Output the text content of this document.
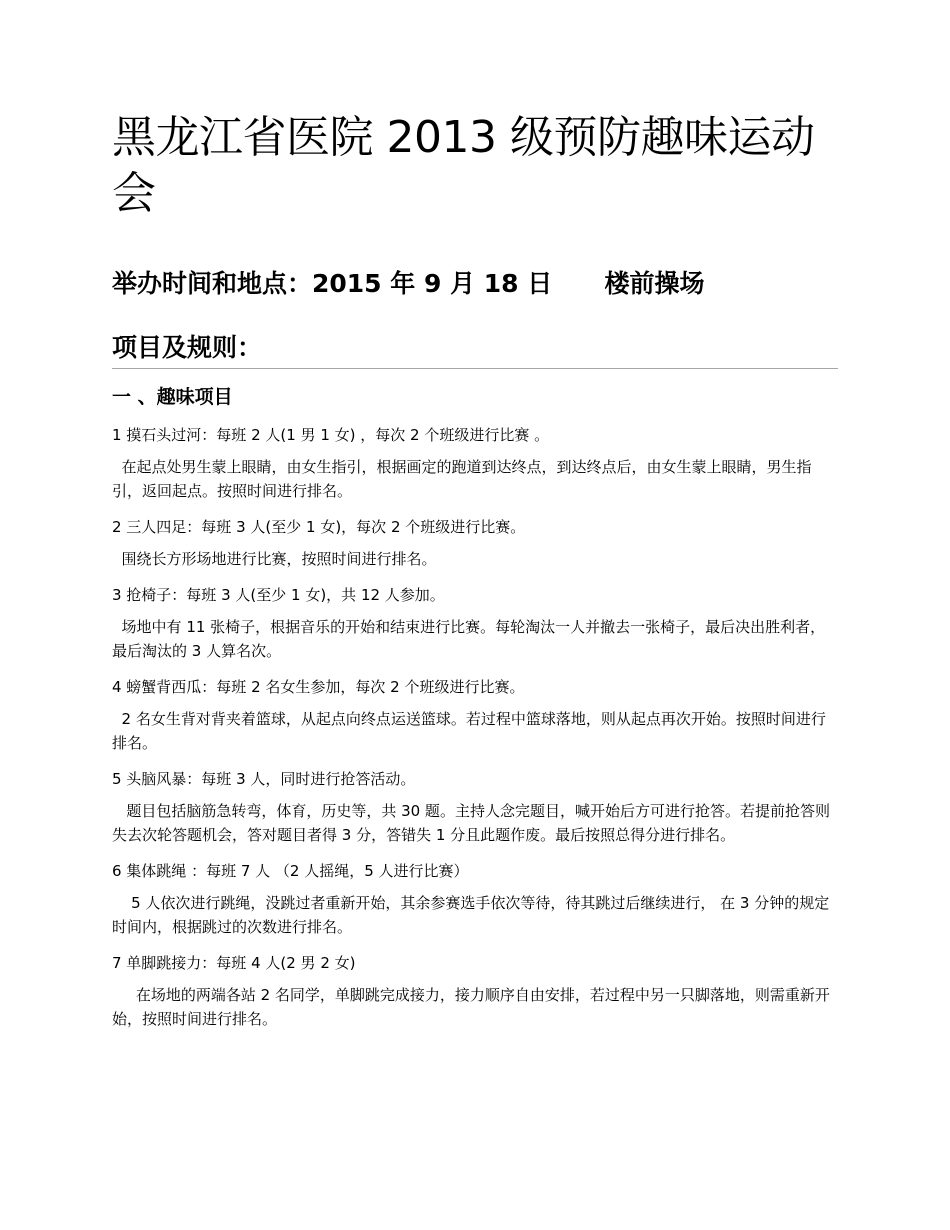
黑龙江省医院 2013 级预防趣味运动会

举办时间和地点：2015 年 9 月 18 日      楼前操场

项目及规则：

一 、趣味项目

1 摸石头过河：每班 2 人(1 男 1 女) ，每次 2 个班级进行比赛 。

在起点处男生蒙上眼睛，由女生指引，根据画定的跑道到达终点，到达终点后，由女生蒙上眼睛，男生指引，返回起点。按照时间进行排名。

2 三人四足：每班 3 人(至少 1 女)，每次 2 个班级进行比赛。

围绕长方形场地进行比赛，按照时间进行排名。

3 抢椅子：每班 3 人(至少 1 女)，共 12 人参加。

场地中有 11 张椅子，根据音乐的开始和结束进行比赛。每轮淘汰一人并撤去一张椅子，最后决出胜利者，最后淘汰的 3 人算名次。

4 螃蟹背西瓜：每班 2 名女生参加，每次 2 个班级进行比赛。

2 名女生背对背夹着篮球，从起点向终点运送篮球。若过程中篮球落地，则从起点再次开始。按照时间进行排名。

5 头脑风暴：每班 3 人，同时进行抢答活动。

题目包括脑筋急转弯，体育，历史等，共 30 题。主持人念完题目，喊开始后方可进行抢答。若提前抢答则失去次轮答题机会，答对题目者得 3 分，答错失 1 分且此题作废。最后按照总得分进行排名。

6 集体跳绳 ：每班 7 人 （2 人摇绳，5 人进行比赛）

5 人依次进行跳绳，没跳过者重新开始，其余参赛选手依次等待，待其跳过后继续进行， 在 3 分钟的规定时间内，根据跳过的次数进行排名。

7 单脚跳接力：每班 4 人(2 男 2 女)

在场地的两端各站 2 名同学，单脚跳完成接力，接力顺序自由安排，若过程中另一只脚落地，则需重新开始，按照时间进行排名。
